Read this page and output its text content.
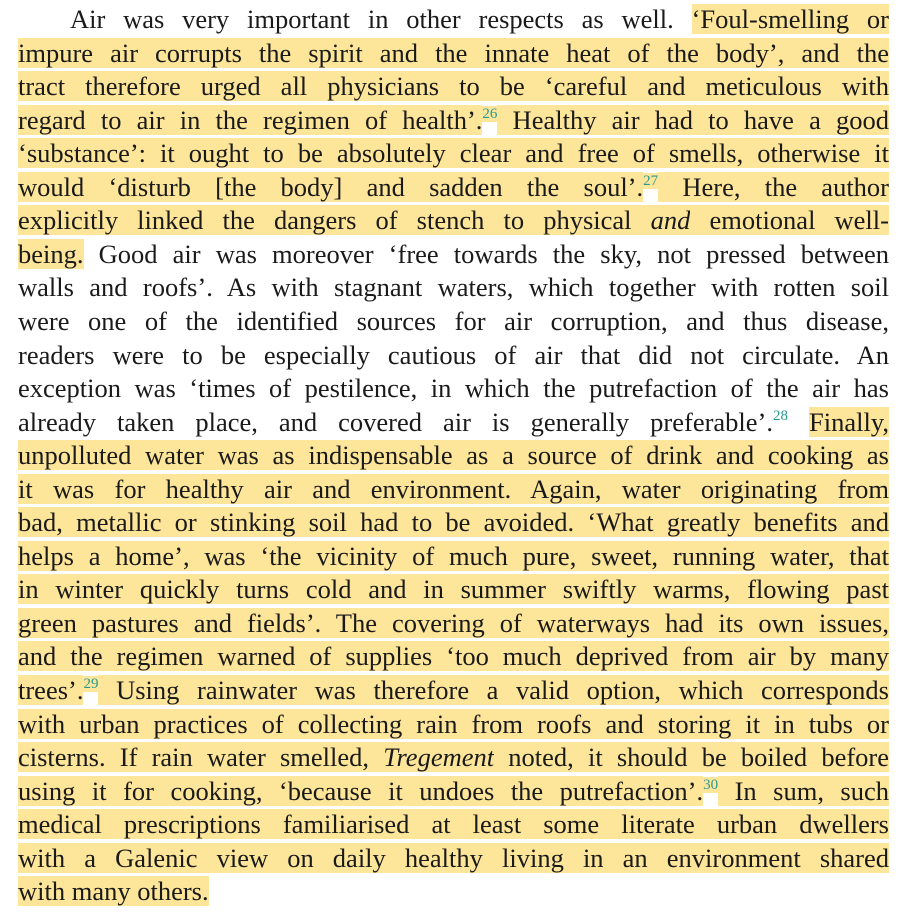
Air was very important in other respects as well. ‘Foul-smelling or
impure air corrupts the spirit and the innate heat of the body’, and the
tract therefore urged all physicians to be ‘careful and meticulous with
regard to air in the regimen of health’.$^{26}$ Healthy air had to have a good
‘substance’: it ought to be absolutely clear and free of smells, otherwise it
would ‘disturb [the body] and sadden the soul’.$^{27}$ Here, the author
explicitly linked the dangers of stench to physical and emotional well-
being. Good air was moreover ‘free towards the sky, not pressed between
walls and roofs’. As with stagnant waters, which together with rotten soil
were one of the identified sources for air corruption, and thus disease,
readers were to be especially cautious of air that did not circulate. An
exception was ‘times of pestilence, in which the putrefaction of the air has
already taken place, and covered air is generally preferable’.$^{28}$ Finally,
unpolluted water was as indispensable as a source of drink and cooking as
it was for healthy air and environment. Again, water originating from
bad, metallic or stinking soil had to be avoided. ‘What greatly benefits and
helps a home’, was ‘the vicinity of much pure, sweet, running water, that
in winter quickly turns cold and in summer swiftly warms, flowing past
green pastures and fields’. The covering of waterways had its own issues,
and the regimen warned of supplies ‘too much deprived from air by many
trees’.$^{29}$ Using rainwater was therefore a valid option, which corresponds
with urban practices of collecting rain from roofs and storing it in tubs or
cisterns. If rain water smelled, Tregement noted, it should be boiled before
using it for cooking, ‘because it undoes the putrefaction’.$^{30}$ In sum, such
medical prescriptions familiarised at least some literate urban dwellers
with a Galenic view on daily healthy living in an environment shared
with many others.
